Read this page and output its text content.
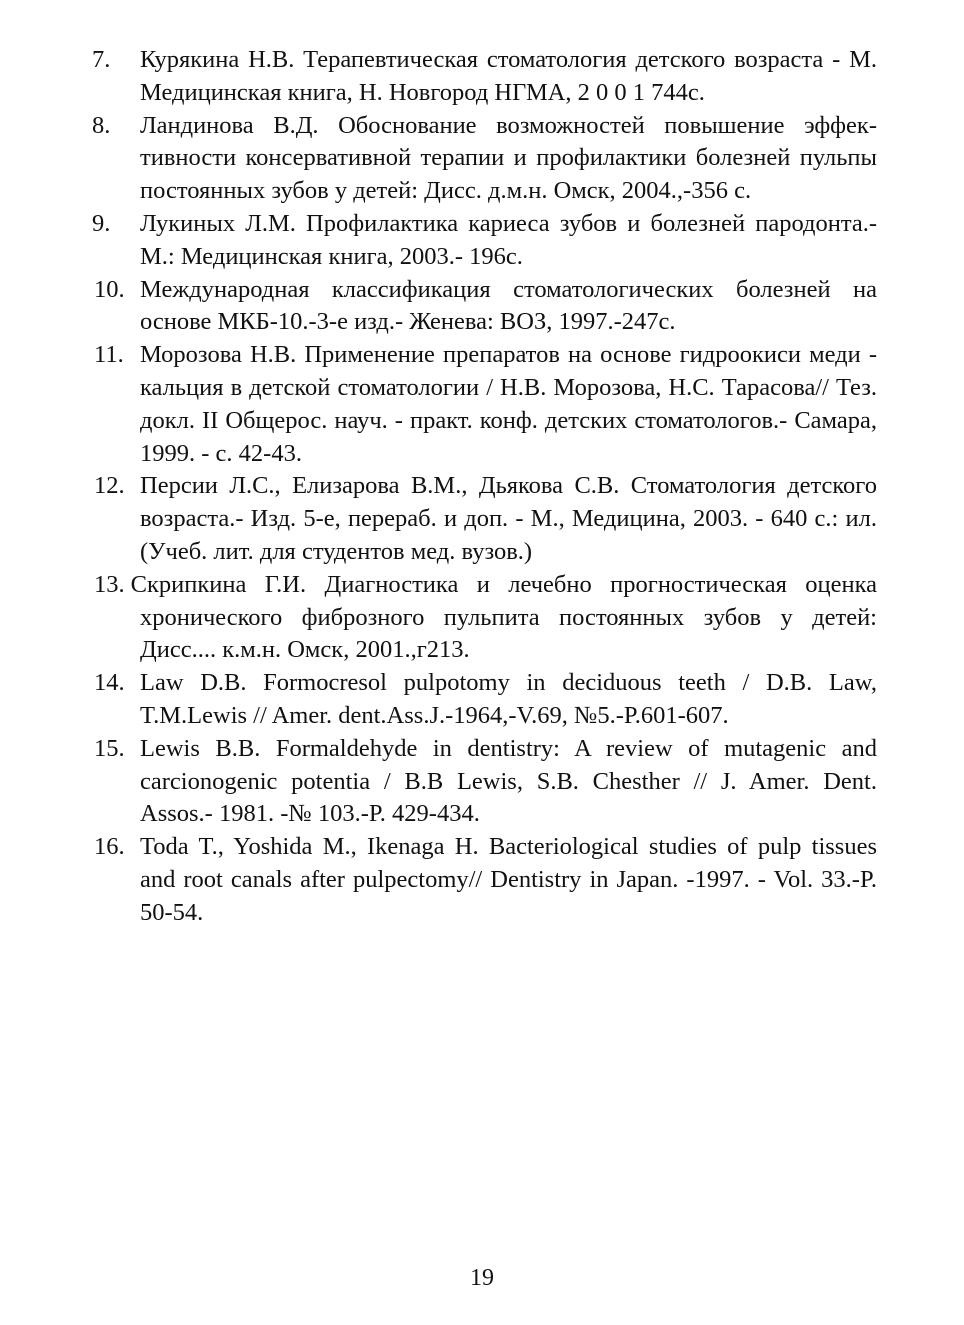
7. Курякина Н.В. Терапевтическая стоматология детского возраста - М. Медицинская книга, Н. Новгород НГМА, 2 0 0 1 744с.
8. Ландинова В.Д. Обоснование возможностей повышение эффективности консервативной терапии и профилактики болезней пульпы постоянных зубов у детей: Дисс. д.м.н. Омск, 2004.,-356 с.
9. Лукиных Л.М. Профилактика кариеса зубов и болезней пародонта.-М.: Медицинская книга, 2003.- 196с.
10. Международная классификация стоматологических болезней на основе МКБ-10.-3-е изд.- Женева: ВОЗ, 1997.-247с.
11. Морозова Н.В. Применение препаратов на основе гидроокиси меди - кальция в детской стоматологии / Н.В. Морозова, Н.С. Тарасова// Тез. докл. II Общерос. науч. - практ. конф. детских стоматологов.- Самара, 1999. - с. 42-43.
12. Персии Л.С., Елизарова В.М., Дьякова С.В. Стоматология детского возраста.- Изд. 5-е, перераб. и доп. - М., Медицина, 2003. - 640 с.: ил. (Учеб. лит. для студентов мед. вузов.)
13. Скрипкина Г.И. Диагностика и лечебно прогностическая оценка хронического фиброзного пульпита постоянных зубов у детей: Дисс.... к.м.н. Омск, 2001.,г213.
14. Law D.B. Formocresol pulpotomy in deciduous teeth / D.B. Law, T.M.Lewis // Amer. dent.Ass.J.-1964,-V.69, №5.-P.601-607.
15. Lewis B.B. Formaldehyde in dentistry: A review of mutagenic and carcionogenic potentia / B.B Lewis, S.B. Chesther // J. Amer. Dent. Assos.- 1981. -№ 103.-P. 429-434.
16. Toda T., Yoshida M., Ikenaga H. Bacteriological studies of pulp tissues and root canals after pulpectomy// Dentistry in Japan. -1997. - Vol. 33.-P. 50-54.
19
